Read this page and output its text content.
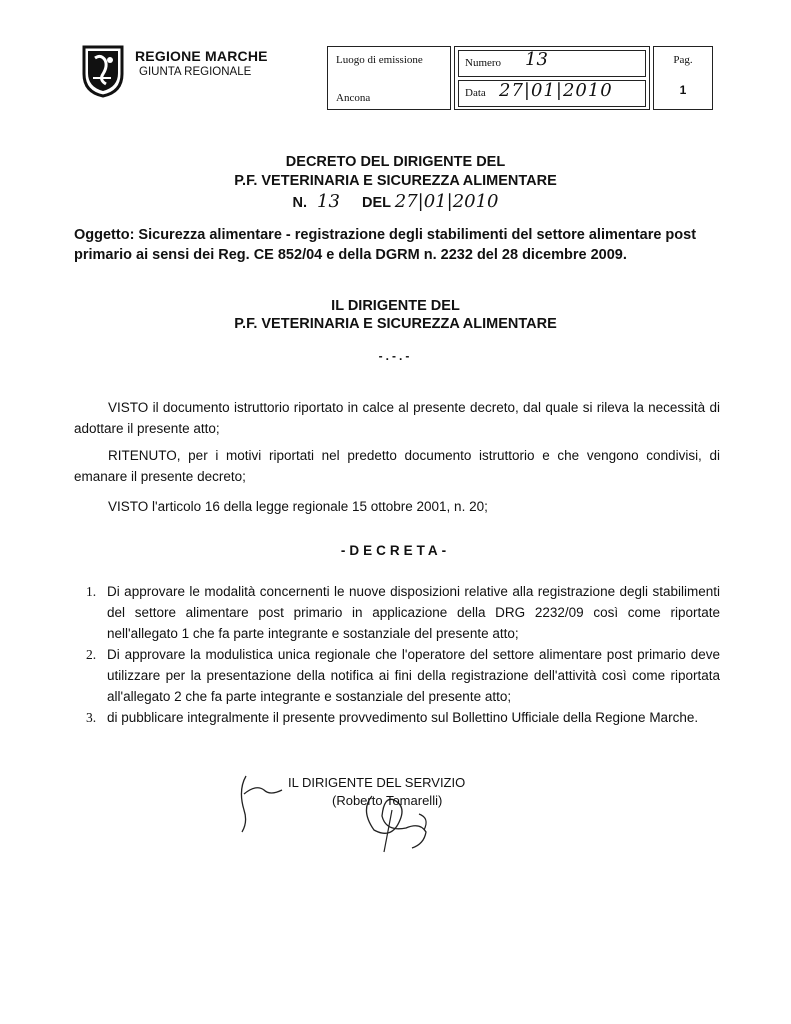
REGIONE MARCHE
GIUNTA REGIONALE
Luogo di emissione
Ancona
Numero 13
Data 27|01|2010
Pag.
1
DECRETO DEL DIRIGENTE DEL
P.F. VETERINARIA E SICUREZZA ALIMENTARE
N. 13 DEL 27|01|2010
Oggetto: Sicurezza alimentare - registrazione degli stabilimenti del settore alimentare post primario ai sensi dei Reg. CE 852/04 e della DGRM n. 2232 del 28 dicembre 2009.
IL DIRIGENTE DEL
P.F. VETERINARIA E SICUREZZA ALIMENTARE
-.-.-
VISTO il documento istruttorio riportato in calce al presente decreto, dal quale si rileva la necessità di adottare il presente atto;
RITENUTO, per i motivi riportati nel predetto documento istruttorio e che vengono condivisi, di emanare il presente decreto;
VISTO l'articolo 16 della legge regionale 15 ottobre 2001, n. 20;
-DECRETA-
1. Di approvare le modalità concernenti le nuove disposizioni relative alla registrazione degli stabilimenti del settore alimentare post primario in applicazione della DRG 2232/09 così come riportate nell'allegato 1 che fa parte integrante e sostanziale del presente atto;
2. Di approvare la modulistica unica regionale che l'operatore del settore alimentare post primario deve utilizzare per la presentazione della notifica ai fini della registrazione dell'attività così come riportata all'allegato 2 che fa parte integrante e sostanziale del presente atto;
3. di pubblicare integralmente il presente provvedimento sul Bollettino Ufficiale della Regione Marche.
IL DIRIGENTE DEL SERVIZIO
(Roberto Tomarelli)
